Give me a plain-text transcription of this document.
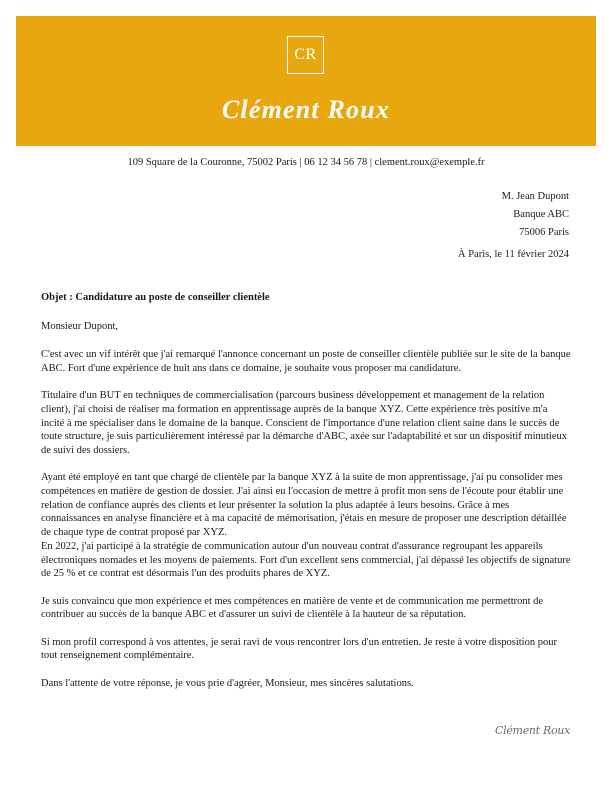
CR
Clément Roux
109 Square de la Couronne, 75002 Paris | 06 12 34 56 78 | clement.roux@exemple.fr
M. Jean Dupont
Banque ABC
75006 Paris
À Paris, le 11 février 2024
Objet : Candidature au poste de conseiller clientèle
Monsieur Dupont,

C'est avec un vif intérêt que j'ai remarqué l'annonce concernant un poste de conseiller clientèle publiée sur le site de la banque ABC. Fort d'une expérience de huit ans dans ce domaine, je souhaite vous proposer ma candidature.

Titulaire d'un BUT en techniques de commercialisation (parcours business développement et management de la relation client), j'ai choisi de réaliser ma formation en apprentissage auprès de la banque XYZ. Cette expérience très positive m'a incité à me spécialiser dans le domaine de la banque. Conscient de l'importance d'une relation client saine dans le succès de toute structure, je suis particulièrement intéressé par la démarche d'ABC, axée sur l'adaptabilité et sur un dispositif minutieux de suivi des dossiers.

Ayant été employé en tant que chargé de clientèle par la banque XYZ à la suite de mon apprentissage, j'ai pu consolider mes compétences en matière de gestion de dossier. J'ai ainsi eu l'occasion de mettre à profit mon sens de l'écoute pour établir une relation de confiance auprès des clients et leur présenter la solution la plus adaptée à leurs besoins. Grâce à mes connaissances en analyse financière et à ma capacité de mémorisation, j'étais en mesure de proposer une description détaillée de chaque type de contrat proposé par XYZ.

En 2022, j'ai participé à la stratégie de communication autour d'un nouveau contrat d'assurance regroupant les appareils électroniques nomades et les moyens de paiements. Fort d'un excellent sens commercial, j'ai dépassé les objectifs de signature de 25 % et ce contrat est désormais l'un des produits phares de XYZ.

Je suis convaincu que mon expérience et mes compétences en matière de vente et de communication me permettront de contribuer au succès de la banque ABC et d'assurer un suivi de clientèle à la hauteur de sa réputation.

Si mon profil correspond à vos attentes, je serai ravi de vous rencontrer lors d'un entretien. Je reste à votre disposition pour tout renseignement complémentaire.

Dans l'attente de votre réponse, je vous prie d'agréer, Monsieur, mes sincères salutations.

Clément Roux
